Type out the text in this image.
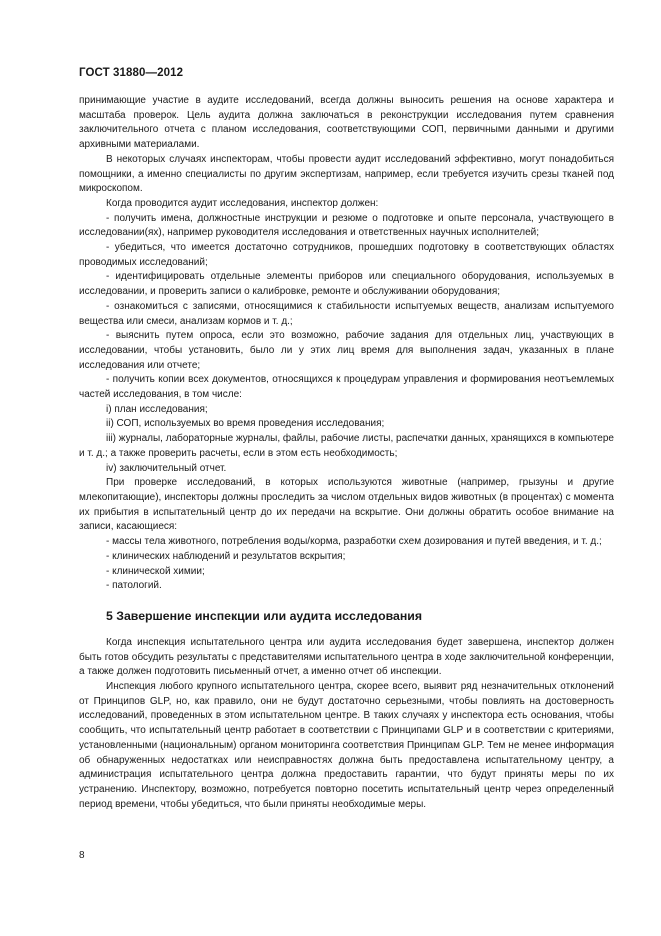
ГОСТ 31880—2012

принимающие участие в аудите исследований, всегда должны выносить решения на основе характера и масштаба проверок. Цель аудита должна заключаться в реконструкции исследования путем сравнения заключительного отчета с планом исследования, соответствующими СОП, первичными данными и другими архивными материалами.

В некоторых случаях инспекторам, чтобы провести аудит исследований эффективно, могут понадобиться помощники, а именно специалисты по другим экспертизам, например, если требуется изучить срезы тканей под микроскопом.

Когда проводится аудит исследования, инспектор должен:

- получить имена, должностные инструкции и резюме о подготовке и опыте персонала, участвующего в исследовании(ях), например руководителя исследования и ответственных научных исполнителей;

- убедиться, что имеется достаточно сотрудников, прошедших подготовку в соответствующих областях проводимых исследований;

- идентифицировать отдельные элементы приборов или специального оборудования, используемых в исследовании, и проверить записи о калибровке, ремонте и обслуживании оборудования;

- ознакомиться с записями, относящимися к стабильности испытуемых веществ, анализам испытуемого вещества или смеси, анализам кормов и т. д.;

- выяснить путем опроса, если это возможно, рабочие задания для отдельных лиц, участвующих в исследовании, чтобы установить, было ли у этих лиц время для выполнения задач, указанных в плане исследования или отчете;

- получить копии всех документов, относящихся к процедурам управления и формирования неотъемлемых частей исследования, в том числе:

i) план исследования;

ii) СОП, используемых во время проведения исследования;

iii) журналы, лабораторные журналы, файлы, рабочие листы, распечатки данных, хранящихся в компьютере и т. д.; а также проверить расчеты, если в этом есть необходимость;

iv) заключительный отчет.

При проверке исследований, в которых используются животные (например, грызуны и другие млекопитающие), инспекторы должны проследить за числом отдельных видов животных (в процентах) с момента их прибытия в испытательный центр до их передачи на вскрытие. Они должны обратить особое внимание на записи, касающиеся:

- массы тела животного, потребления воды/корма, разработки схем дозирования и путей введения, и т. д.;

- клинических наблюдений и результатов вскрытия;

- клинической химии;

- патологий.

5 Завершение инспекции или аудита исследования

Когда инспекция испытательного центра или аудита исследования будет завершена, инспектор должен быть готов обсудить результаты с представителями испытательного центра в ходе заключительной конференции, а также должен подготовить письменный отчет, а именно отчет об инспекции.

Инспекция любого крупного испытательного центра, скорее всего, выявит ряд незначительных отклонений от Принципов GLP, но, как правило, они не будут достаточно серьезными, чтобы повлиять на достоверность исследований, проведенных в этом испытательном центре. В таких случаях у инспектора есть основания, чтобы сообщить, что испытательный центр работает в соответствии с Принципами GLP и в соответствии с критериями, установленными (национальным) органом мониторинга соответствия Принципам GLP. Тем не менее информация об обнаруженных недостатках или неисправностях должна быть предоставлена испытательному центру, а администрация испытательного центра должна предоставить гарантии, что будут приняты меры по их устранению. Инспектору, возможно, потребуется повторно посетить испытательный центр через определенный период времени, чтобы убедиться, что были приняты необходимые меры.

8
